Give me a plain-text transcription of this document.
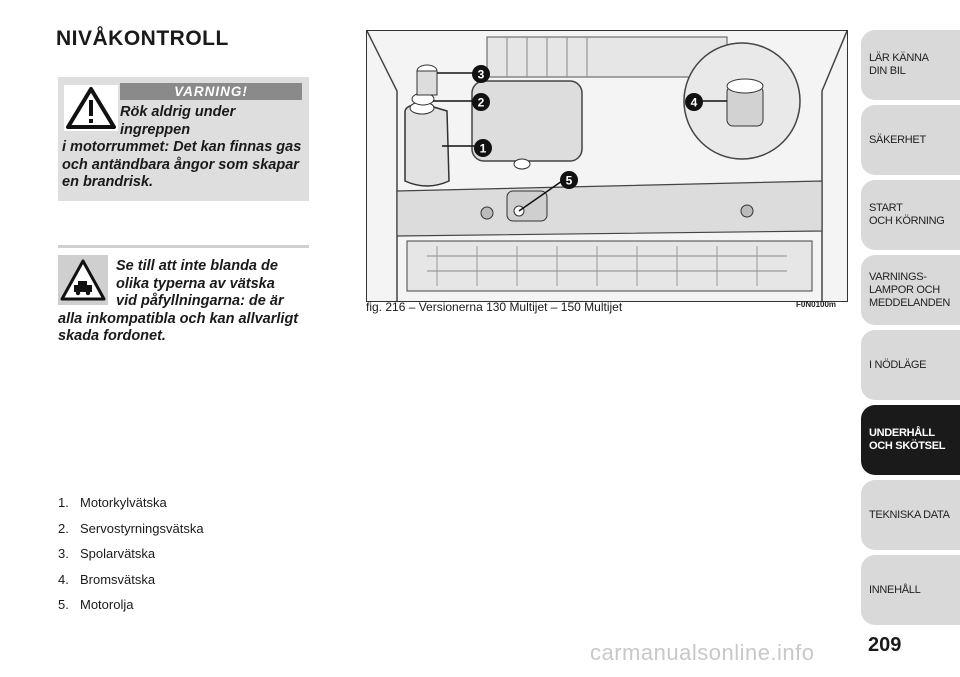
NIVÅKONTROLL
VARNING!
Rök aldrig under
ingreppen
i motorrummet: Det kan finnas gas och antändbara ångor som skapar en brandrisk.
Se till att inte blanda de
olika typerna av vätska
vid påfyllningarna: de är
alla inkompatibla och kan allvarligt skada fordonet.
1. Motorkylvätska
2. Servostyrningsvätska
3. Spolarvätska
4. Bromsvätska
5. Motorolja
1
2
3
4
5
fig. 216 – Versionerna 130 Multijet – 150 Multijet	F0N0100m
LÄR KÄNNA
DIN BIL
SÄKERHET
START
OCH KÖRNING
VARNINGS-
LAMPOR OCH
MEDDELANDEN
I NÖDLÄGE
UNDERHÅLL
OCH SKÖTSEL
TEKNISKA DATA
INNEHÅLL
209
carmanualsonline.info
